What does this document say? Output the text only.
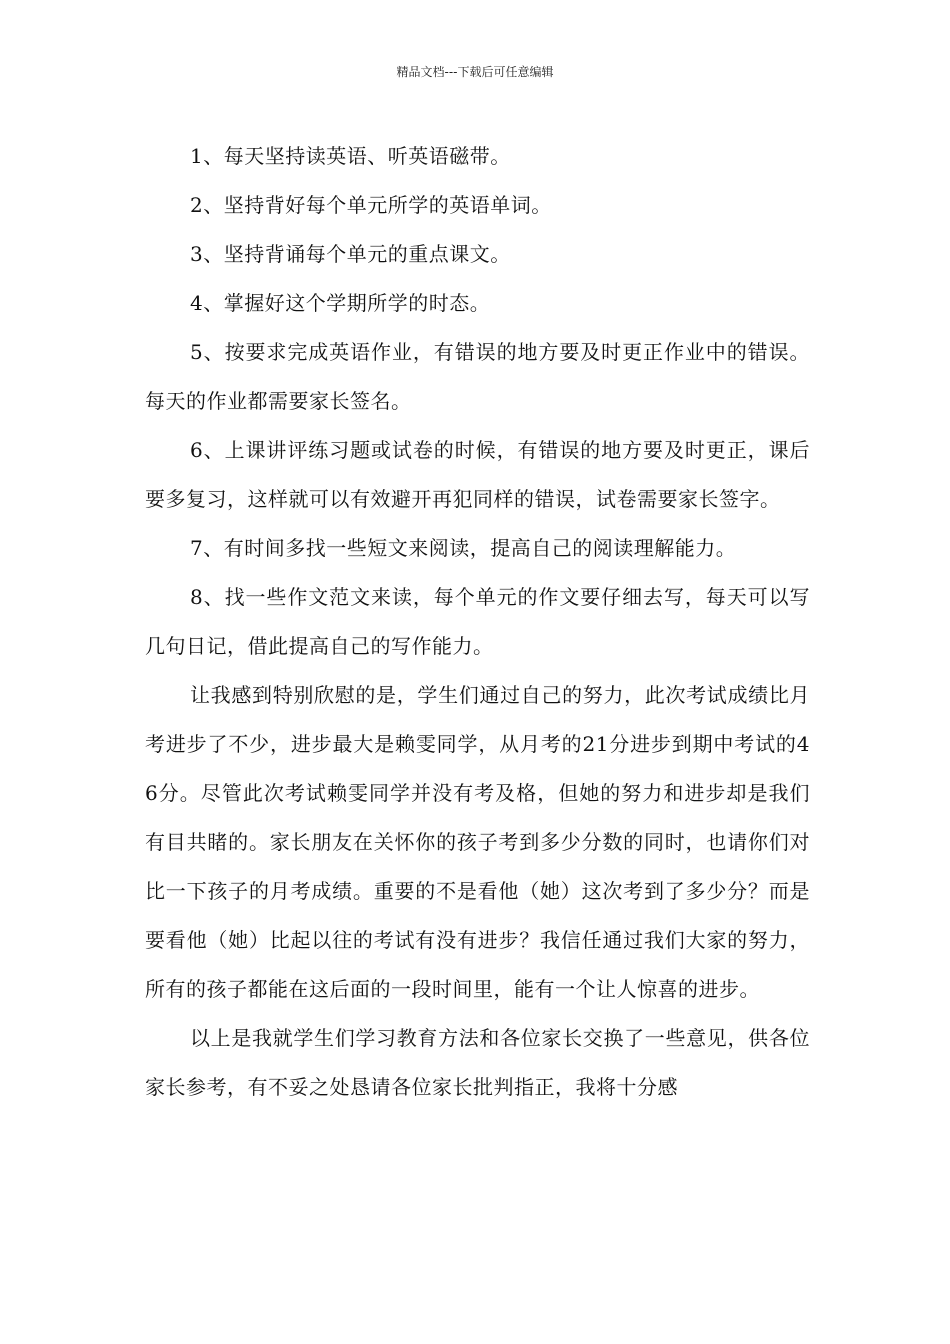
精品文档---下载后可任意编辑

1、每天坚持读英语、听英语磁带。

2、坚持背好每个单元所学的英语单词。

3、坚持背诵每个单元的重点课文。

4、掌握好这个学期所学的时态。

5、按要求完成英语作业，有错误的地方要及时更正作业中的错误。每天的作业都需要家长签名。

6、上课讲评练习题或试卷的时候，有错误的地方要及时更正，课后要多复习，这样就可以有效避开再犯同样的错误，试卷需要家长签字。

7、有时间多找一些短文来阅读，提高自己的阅读理解能力。

8、找一些作文范文来读，每个单元的作文要仔细去写，每天可以写几句日记，借此提高自己的写作能力。

让我感到特别欣慰的是，学生们通过自己的努力，此次考试成绩比月考进步了不少，进步最大是赖雯同学，从月考的21分进步到期中考试的46分。尽管此次考试赖雯同学并没有考及格，但她的努力和进步却是我们有目共睹的。家长朋友在关怀你的孩子考到多少分数的同时，也请你们对比一下孩子的月考成绩。重要的不是看他（她）这次考到了多少分？而是要看他（她）比起以往的考试有没有进步？我信任通过我们大家的努力，所有的孩子都能在这后面的一段时间里，能有一个让人惊喜的进步。

以上是我就学生们学习教育方法和各位家长交换了一些意见，供各位家长参考，有不妥之处恳请各位家长批判指正，我将十分感
